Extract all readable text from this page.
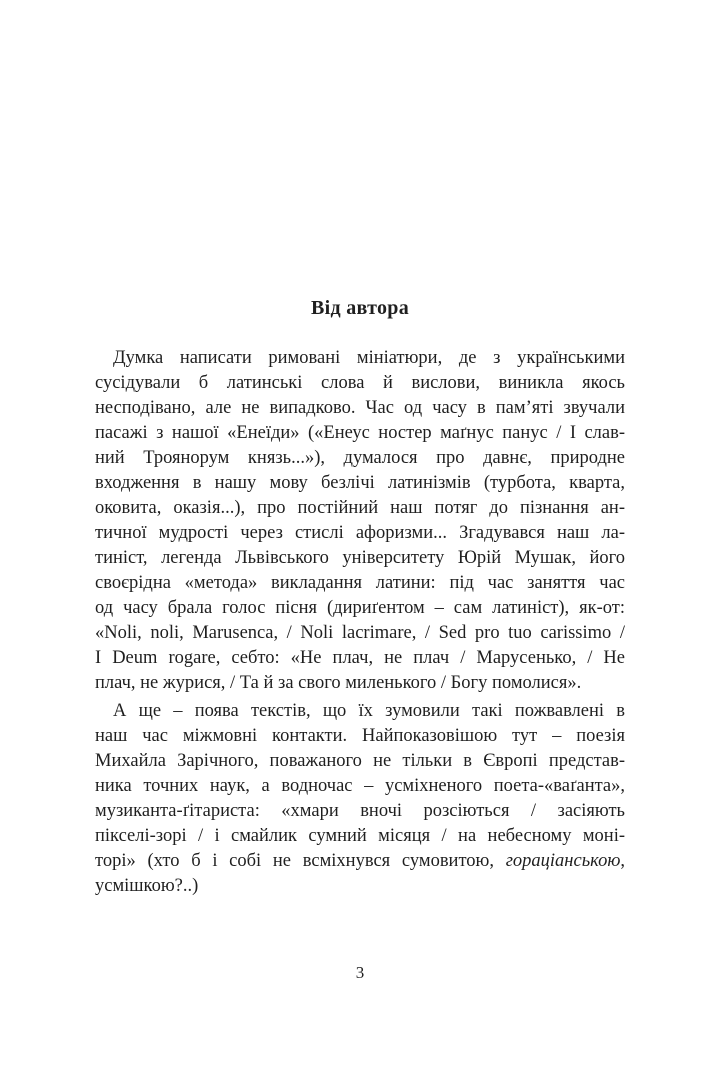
Від автора
Думка написати римовані мініатюри, де з українськими
сусідували б латинські слова й вислови, виникла якось
несподівано, але не випадково. Час од часу в пам’яті звучали
пасажі з нашої «Енеїди» («Енеус ностер маґнус панус / І слав-
ний Троянорум князь...»), думалося про давнє, природне
входження в нашу мову безлічі латинізмів (турбота, кварта,
оковита, оказія...), про постійний наш потяг до пізнання ан-
тичної мудрості через стислі афоризми... Згадувався наш ла-
тиніст, легенда Львівського університету Юрій Мушак, його
своєрідна «метода» викладання латини: під час заняття час
од часу брала голос пісня (дириґентом – сам латиніст), як-от:
«Noli, noli, Marusenca, / Noli lacrimare, / Sed pro tuo carissimo /
I Deum rogare, себто: «Не плач, не плач / Марусенько, / Не
плач, не журися, / Та й за свого миленького / Богу помолися».
А ще – поява текстів, що їх зумовили такі пожвавлені в
наш час міжмовні контакти. Найпоказовішою тут – поезія
Михайла Зарічного, поважаного не тільки в Європі представ-
ника точних наук, а водночас – усміхненого поета-«ваґанта»,
музиканта-ґітариста: «хмари вночі розсіються / засіяють
пікселі-зорі / і смайлик сумний місяця / на небесному моні-
торі» (хто б і собі не всміхнувся сумовитою, гораціанською,
усмішкою?..)
3
